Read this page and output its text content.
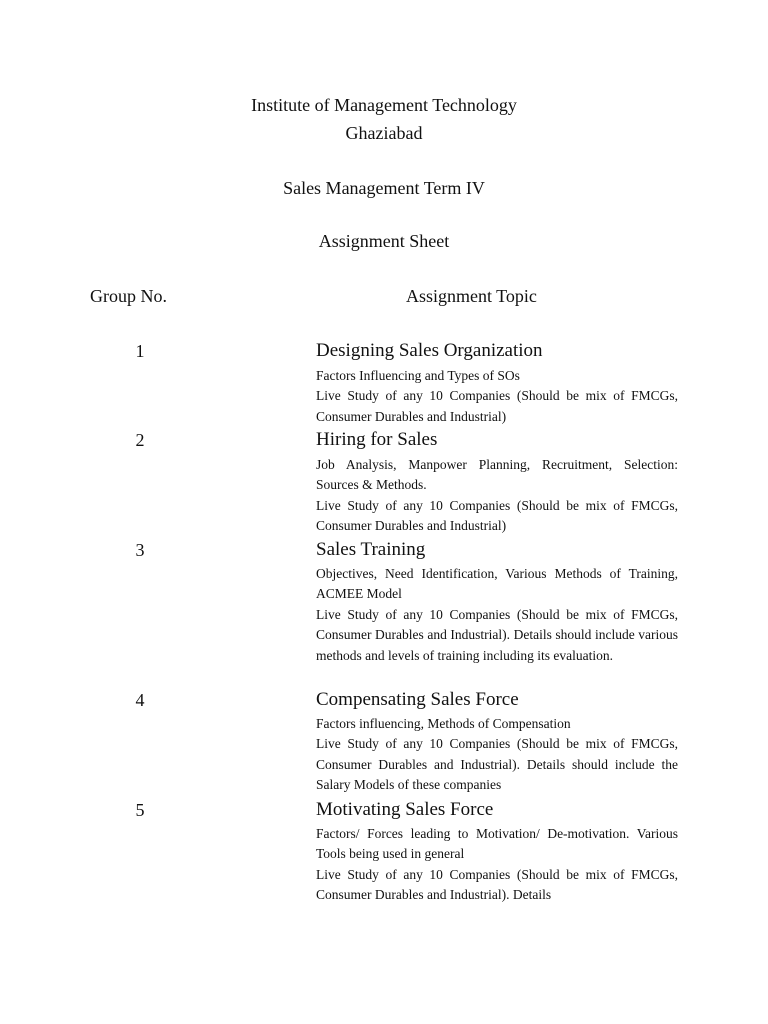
Institute of Management Technology
Ghaziabad
Sales Management Term IV
Assignment Sheet
Group No.	Assignment Topic
1	Designing Sales Organization

Factors Influencing and Types of SOs

Live Study of any 10 Companies (Should be mix of FMCGs, Consumer Durables and Industrial)

2	Hiring for Sales

Job Analysis, Manpower Planning, Recruitment, Selection: Sources & Methods.

Live Study of any 10 Companies (Should be mix of FMCGs, Consumer Durables and Industrial)

3	Sales Training

Objectives, Need Identification, Various Methods of Training, ACMEE Model

Live Study of any 10 Companies (Should be mix of FMCGs, Consumer Durables and Industrial). Details should include various methods and levels of training including its evaluation.

4	Compensating Sales Force

Factors influencing, Methods of Compensation

Live Study of any 10 Companies (Should be mix of FMCGs, Consumer Durables and Industrial). Details should include the Salary Models of these companies

5	Motivating Sales Force

Factors/ Forces leading to Motivation/ De-motivation. Various Tools being used in general

Live Study of any 10 Companies (Should be mix of FMCGs, Consumer Durables and Industrial). Details
